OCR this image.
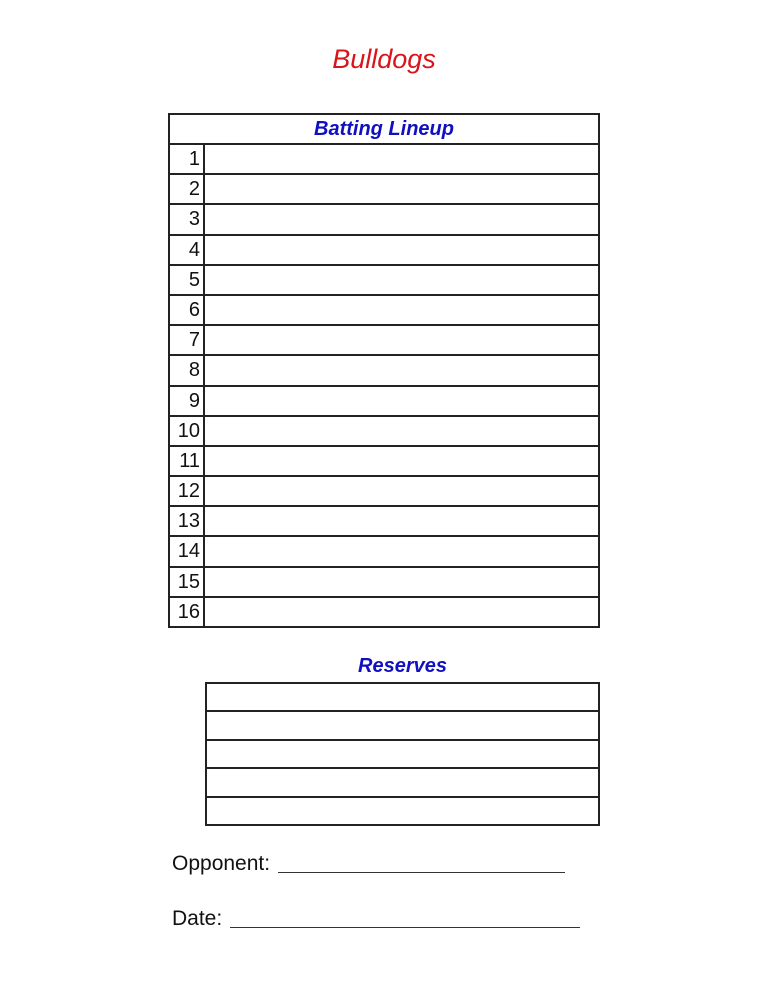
Bulldogs
Batting Lineup
1
2
3
4
5
6
7
8
9
10
11
12
13
14
15
16
Reserves
Opponent:
Date:
